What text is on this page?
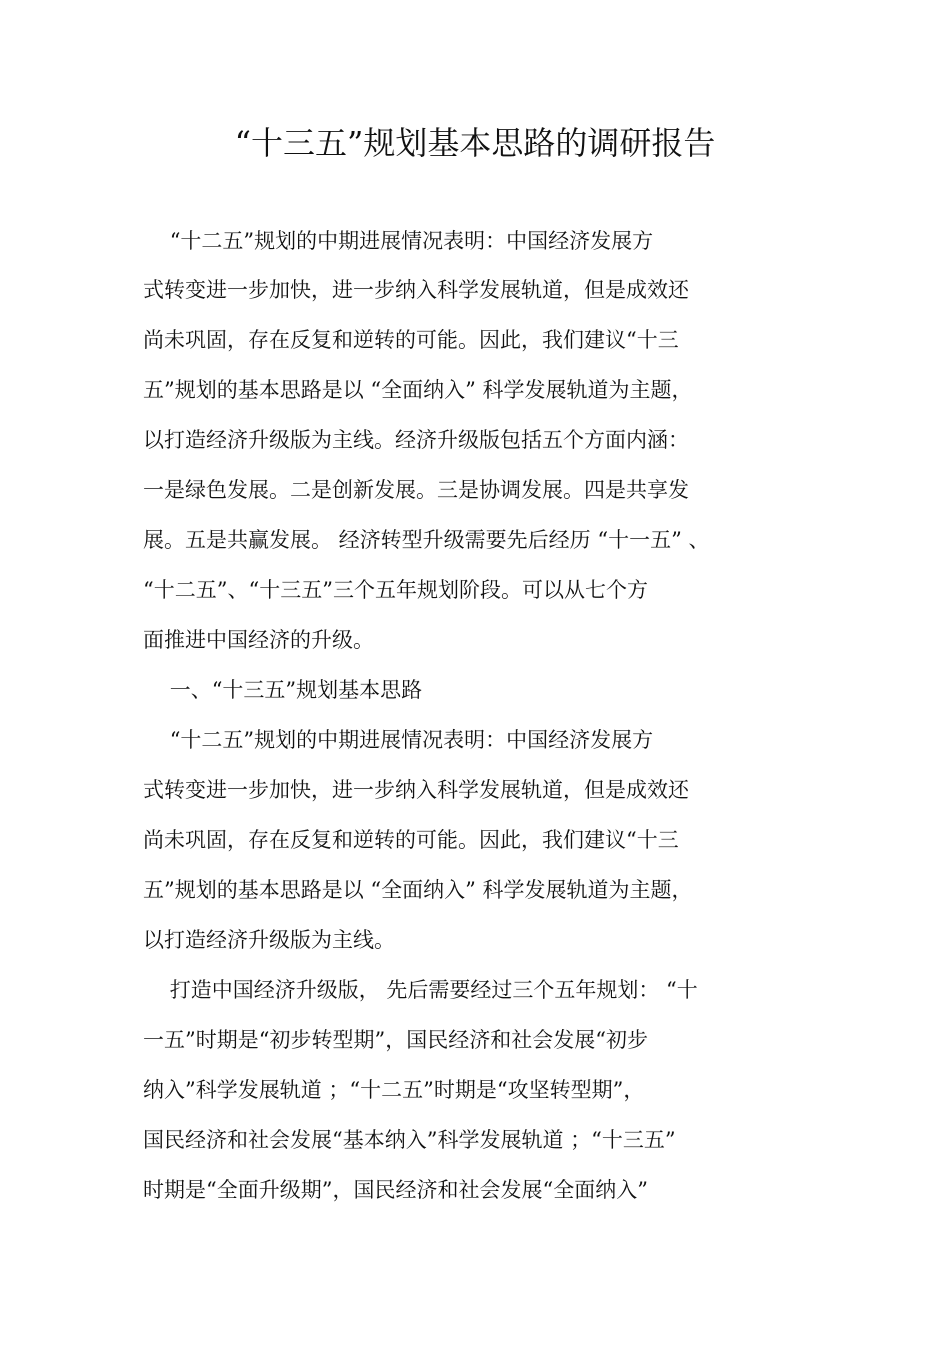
“十三五”规划基本思路的调研报告
“十二五”规划的中期进展情况表明：中国经济发展方
式转变进一步加快，进一步纳入科学发展轨道，但是成效还
尚未巩固，存在反复和逆转的可能。因此，我们建议“十三
五”规划的基本思路是以 “全面纳入” 科学发展轨道为主题，
以打造经济升级版为主线。经济升级版包括五个方面内涵：
一是绿色发展。二是创新发展。三是协调发展。四是共享发
展。五是共赢发展。 经济转型升级需要先后经历 “十一五” 、
“十二五”、“十三五”三个五年规划阶段。可以从七个方
面推进中国经济的升级。
一、“十三五”规划基本思路
“十二五”规划的中期进展情况表明：中国经济发展方
式转变进一步加快，进一步纳入科学发展轨道，但是成效还
尚未巩固，存在反复和逆转的可能。因此，我们建议“十三
五”规划的基本思路是以 “全面纳入” 科学发展轨道为主题，
以打造经济升级版为主线。
打造中国经济升级版， 先后需要经过三个五年规划： “十
一五”时期是“初步转型期”，国民经济和社会发展“初步
纳入”科学发展轨道 ；“十二五”时期是“攻坚转型期”，
国民经济和社会发展“基本纳入”科学发展轨道 ；“十三五”
时期是“全面升级期”，国民经济和社会发展“全面纳入”
